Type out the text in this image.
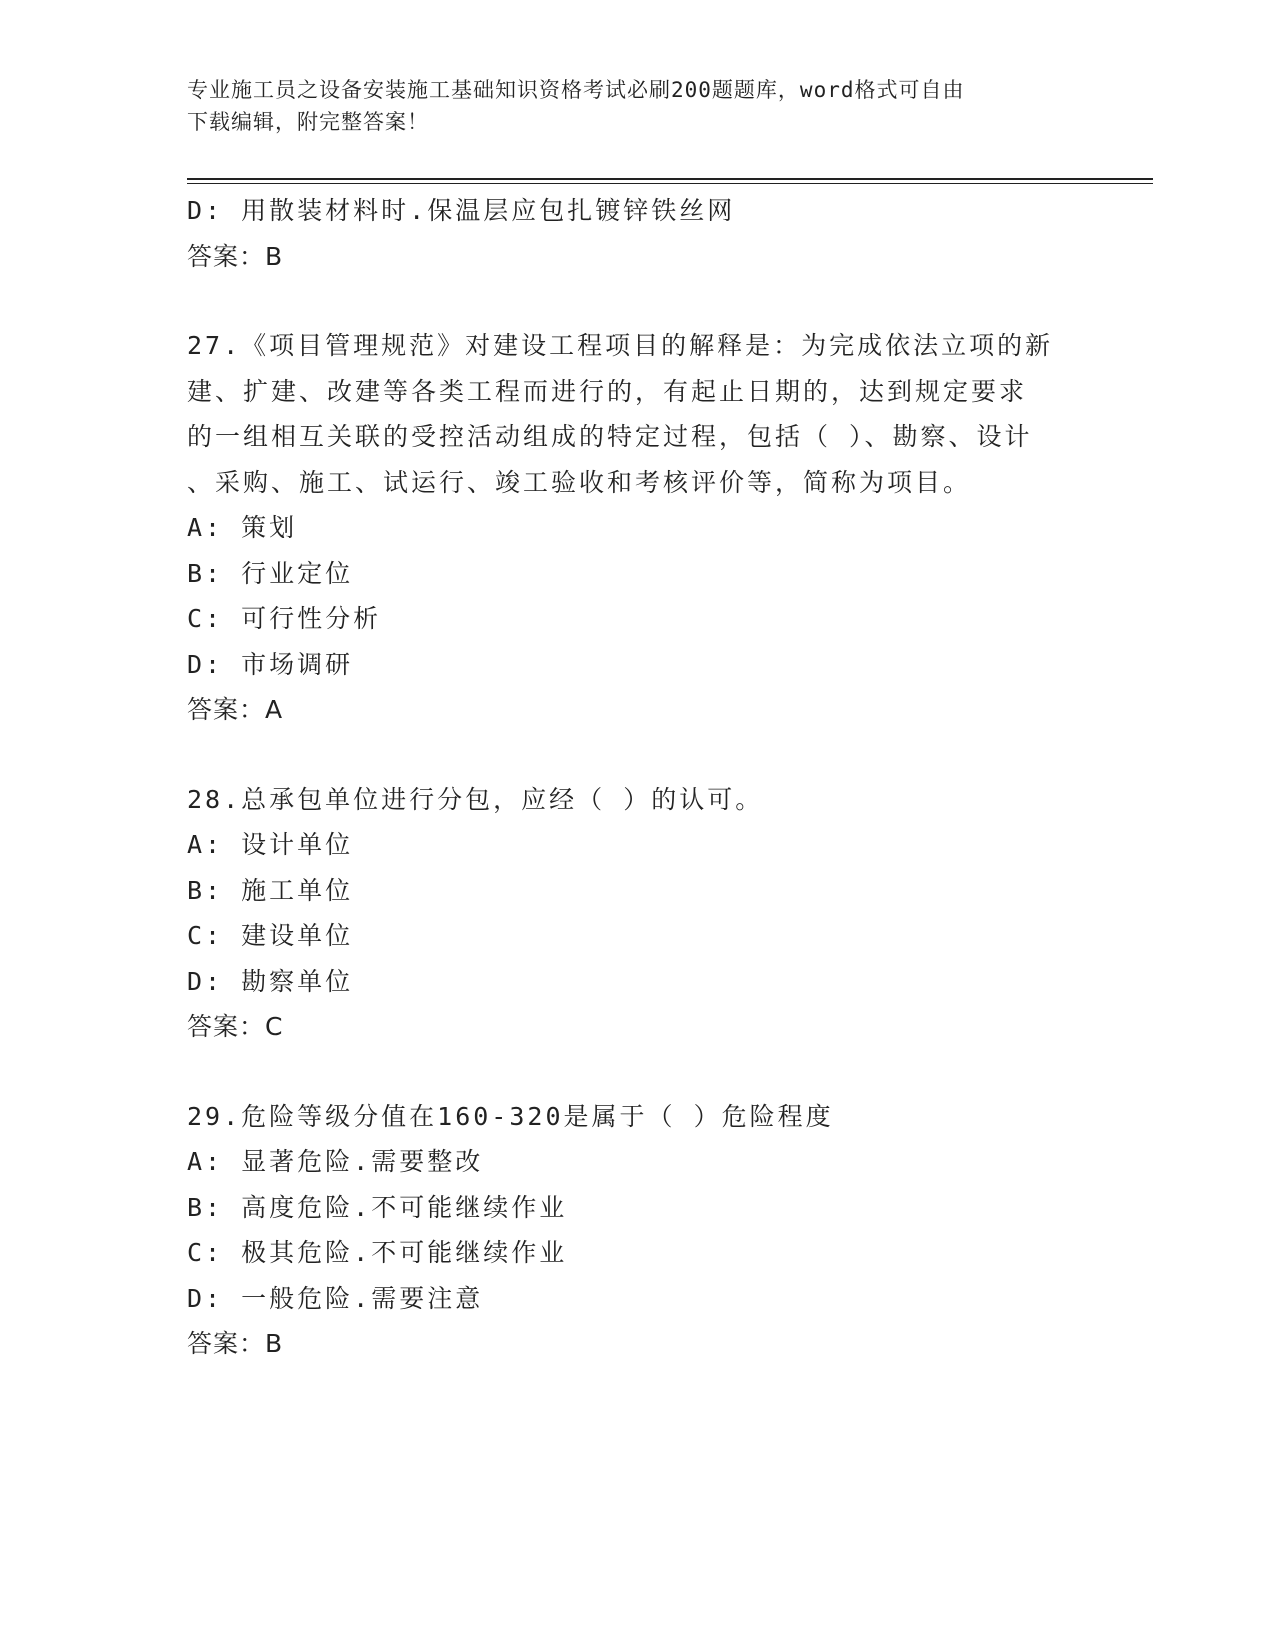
专业施工员之设备安装施工基础知识资格考试必刷200题题库，word格式可自由
下载编辑，附完整答案！
D: 用散装材料时.保温层应包扎镀锌铁丝网
答案：B
27.《项目管理规范》对建设工程项目的解释是：为完成依法立项的新
建、扩建、改建等各类工程而进行的，有起止日期的，达到规定要求
的一组相互关联的受控活动组成的特定过程，包括（ ）、勘察、设计
、采购、施工、试运行、竣工验收和考核评价等，简称为项目。
A: 策划
B: 行业定位
C: 可行性分析
D: 市场调研
答案：A
28.总承包单位进行分包，应经（ ）的认可。
A: 设计单位
B: 施工单位
C: 建设单位
D: 勘察单位
答案：C
29.危险等级分值在160-320是属于（ ）危险程度
A: 显著危险.需要整改
B: 高度危险.不可能继续作业
C: 极其危险.不可能继续作业
D: 一般危险.需要注意
答案：B
